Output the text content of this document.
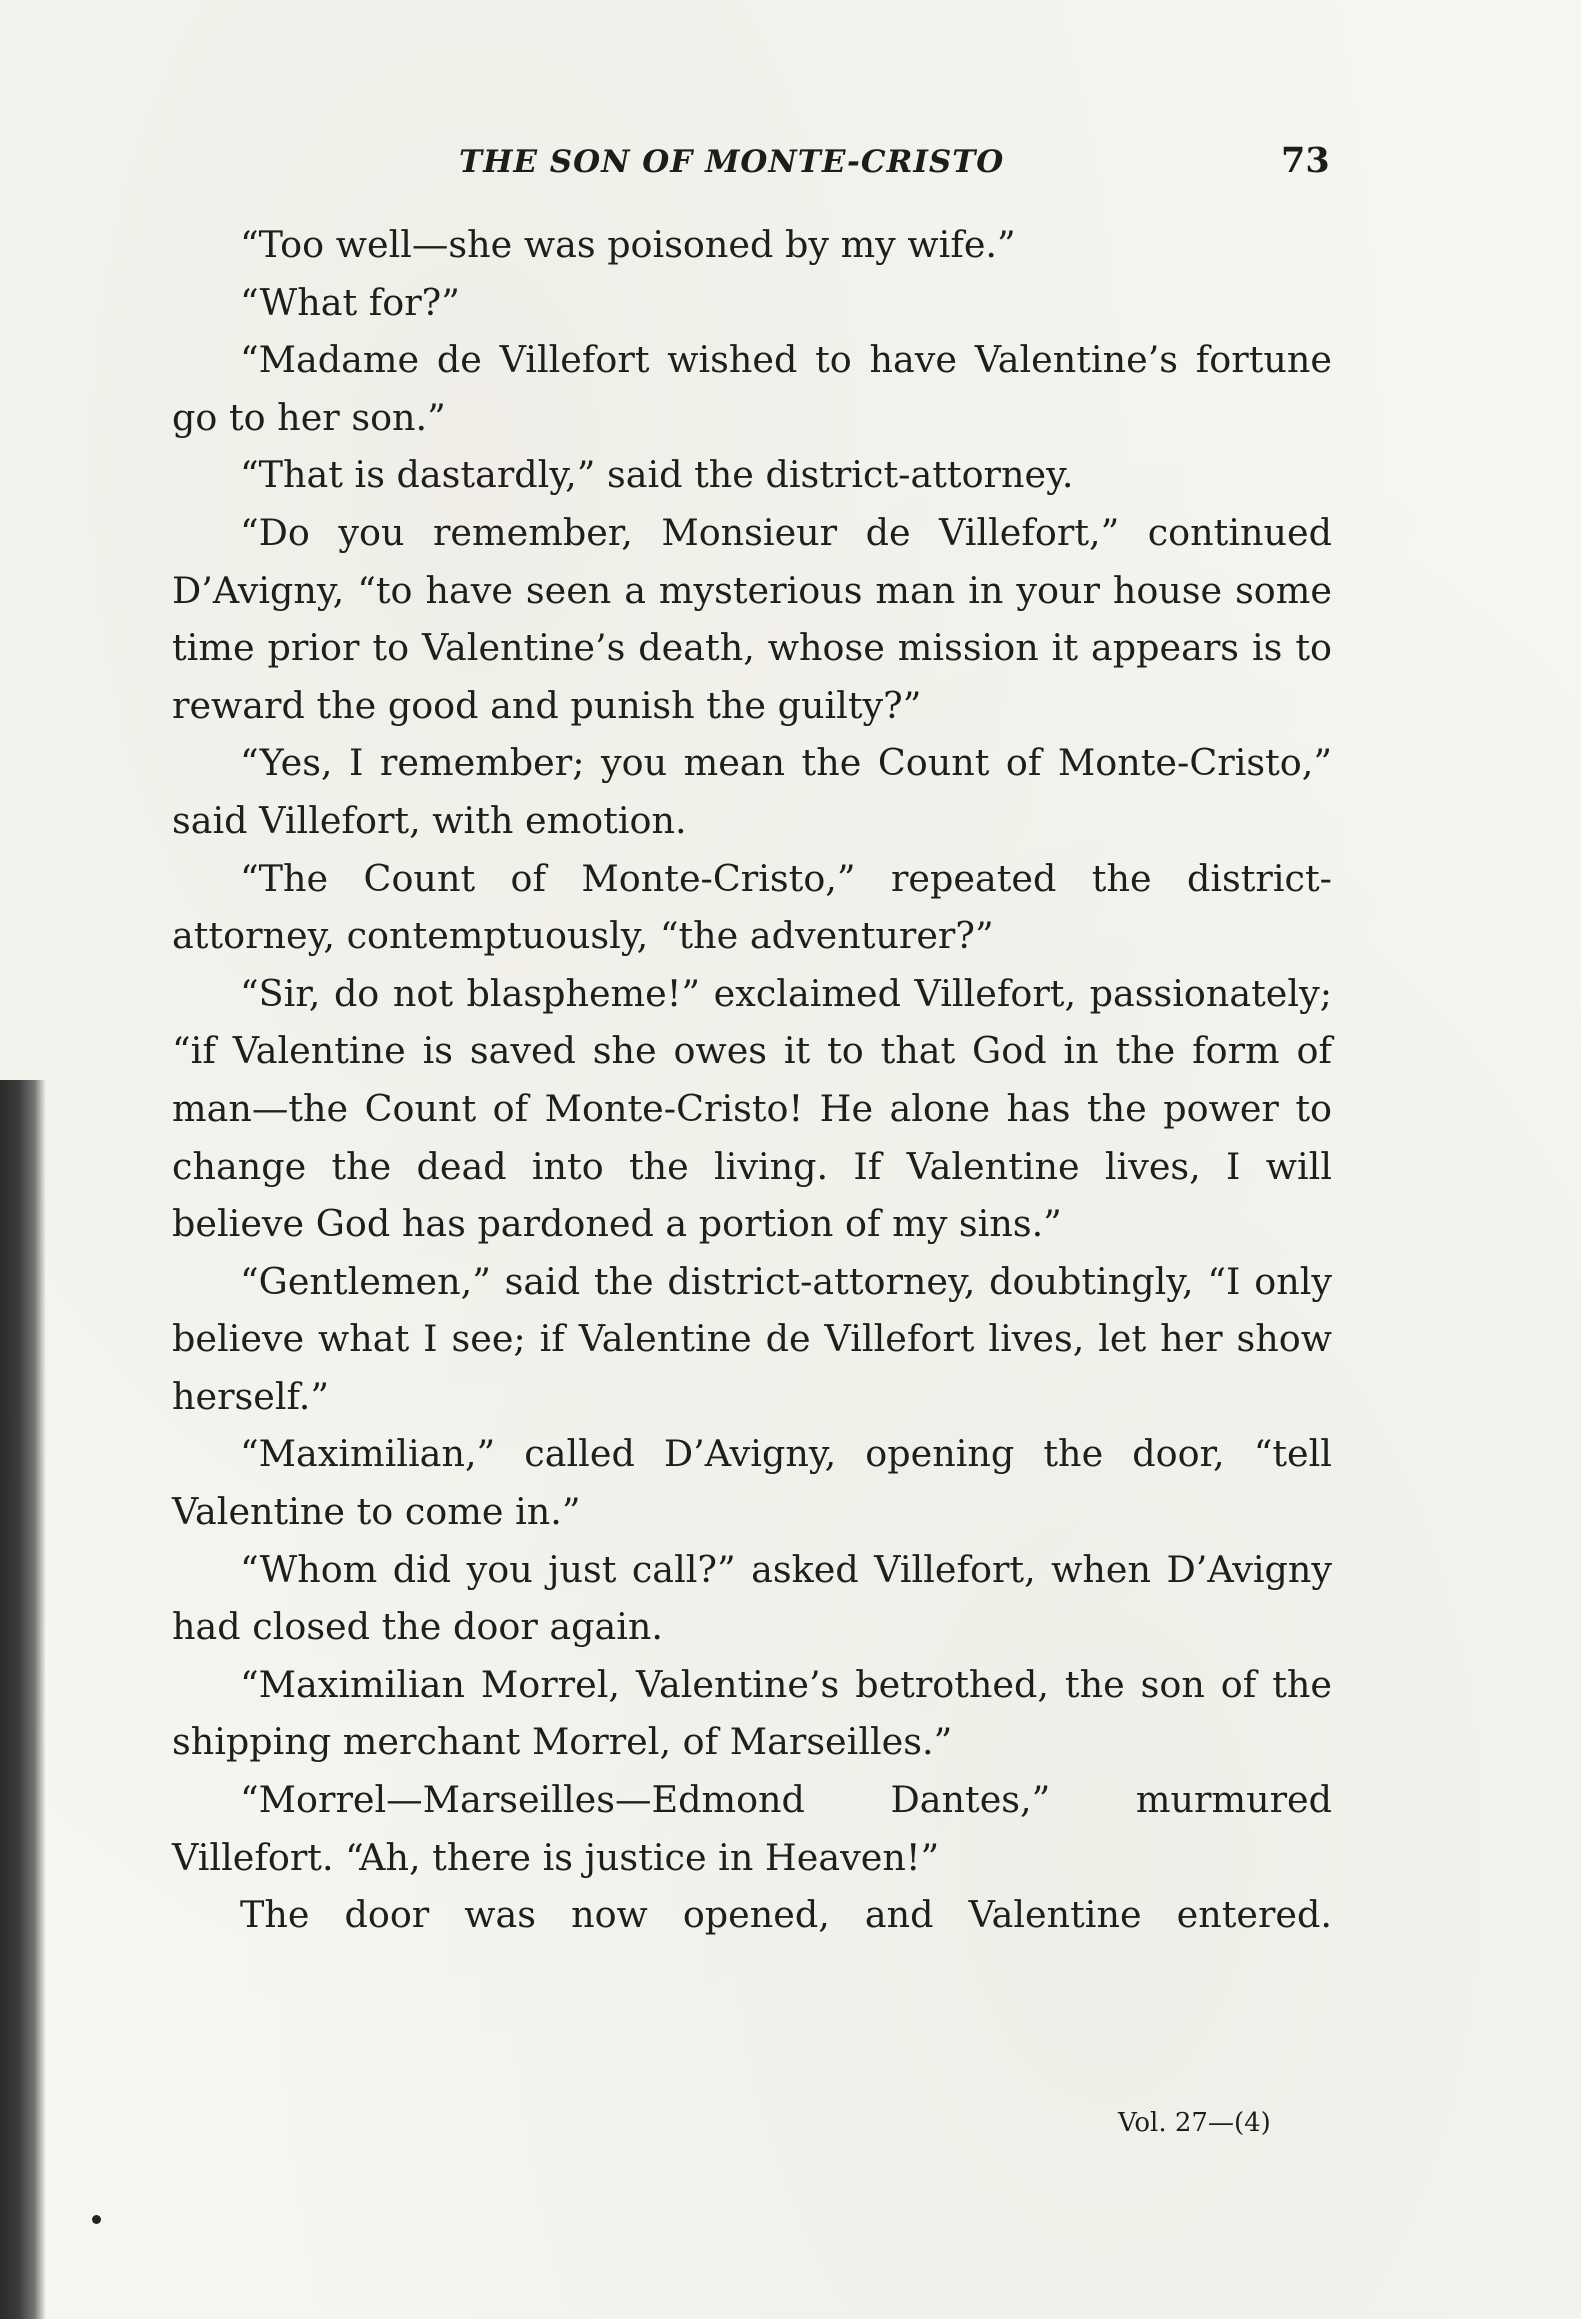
THE SON OF MONTE-CRISTO	73

“Too well—she was poisoned by my wife.”

“What for?”

“Madame de Villefort wished to have Valentine’s fortune go to her son.”

“That is dastardly,” said the district-attorney.

“Do you remember, Monsieur de Villefort,” continued D’Avigny, “to have seen a mysterious man in your house some time prior to Valentine’s death, whose mission it appears is to reward the good and punish the guilty?”

“Yes, I remember; you mean the Count of Monte-Cristo,” said Villefort, with emotion.

“The Count of Monte-Cristo,” repeated the district-attorney, contemptuously, “the adventurer?”

“Sir, do not blaspheme!” exclaimed Villefort, passionately; “if Valentine is saved she owes it to that God in the form of man—the Count of Monte-Cristo! He alone has the power to change the dead into the living. If Valentine lives, I will believe God has pardoned a portion of my sins.”

“Gentlemen,” said the district-attorney, doubtingly, “I only believe what I see; if Valentine de Villefort lives, let her show herself.”

“Maximilian,” called D’Avigny, opening the door, “tell Valentine to come in.”

“Whom did you just call?” asked Villefort, when D’Avigny had closed the door again.

“Maximilian Morrel, Valentine’s betrothed, the son of the shipping merchant Morrel, of Marseilles.”

“Morrel—Marseilles—Edmond Dantes,” murmured Villefort. “Ah, there is justice in Heaven!”

The door was now opened, and Valentine entered.

Vol. 27—(4)
